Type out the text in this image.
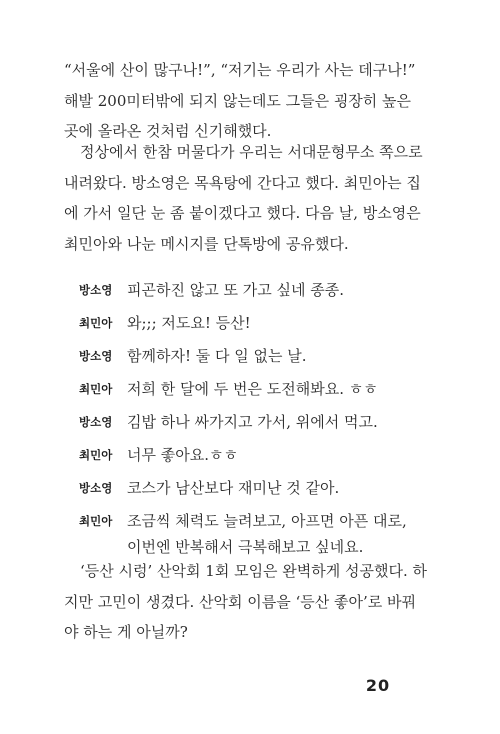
“서울에 산이 많구나!”, “저기는 우리가 사는 데구나!”
해발 200미터밖에 되지 않는데도 그들은 굉장히 높은
곳에 올라온 것처럼 신기해했다.
정상에서 한참 머물다가 우리는 서대문형무소 쪽으로
내려왔다. 방소영은 목욕탕에 간다고 했다. 최민아는 집
에 가서 일단 눈 좀 붙이겠다고 했다. 다음 날, 방소영은
최민아와 나눈 메시지를 단톡방에 공유했다.
방소영 피곤하진 않고 또 가고 싶네 종종.
최민아 와;;; 저도요! 등산!
방소영 함께하자! 둘 다 일 없는 날.
최민아 저희 한 달에 두 번은 도전해봐요. ㅎㅎ
방소영 김밥 하나 싸가지고 가서, 위에서 먹고.
최민아 너무 좋아요.ㅎㅎ
방소영 코스가 남산보다 재미난 것 같아.
최민아 조금씩 체력도 늘려보고, 아프면 아픈 대로,
이번엔 반복해서 극복해보고 싶네요.
‘등산 시렁’ 산악회 1회 모임은 완벽하게 성공했다. 하
지만 고민이 생겼다. 산악회 이름을 ‘등산 좋아’로 바꿔
야 하는 게 아닐까?
20
